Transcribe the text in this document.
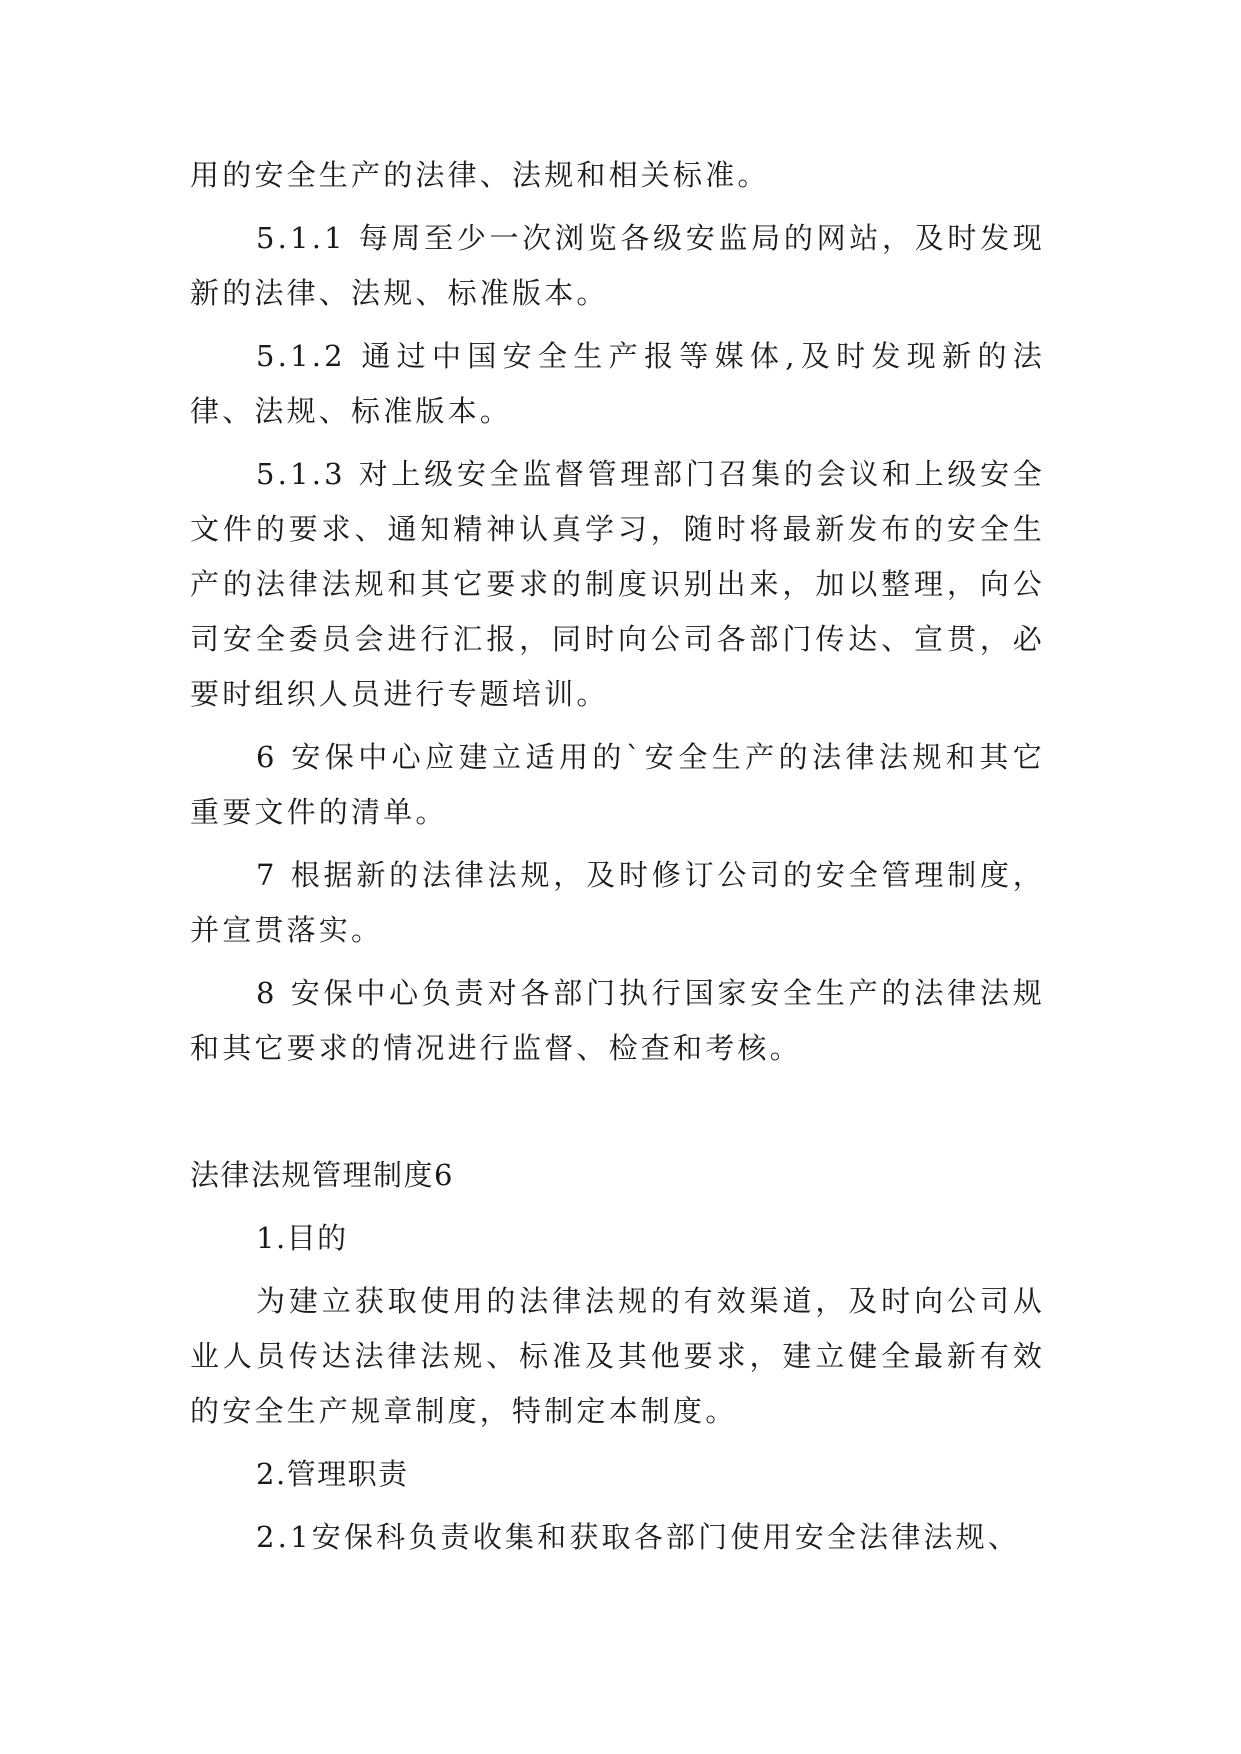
用的安全生产的法律、法规和相关标准。

5.1.1 每周至少一次浏览各级安监局的网站，及时发现新的法律、法规、标准版本。

5.1.2 通过中国安全生产报等媒体,及时发现新的法律、法规、标准版本。

5.1.3 对上级安全监督管理部门召集的会议和上级安全文件的要求、通知精神认真学习，随时将最新发布的安全生产的法律法规和其它要求的制度识别出来，加以整理，向公司安全委员会进行汇报，同时向公司各部门传达、宣贯，必要时组织人员进行专题培训。

6 安保中心应建立适用的`安全生产的法律法规和其它重要文件的清单。

7 根据新的法律法规，及时修订公司的安全管理制度，并宣贯落实。

8 安保中心负责对各部门执行国家安全生产的法律法规和其它要求的情况进行监督、检查和考核。

法律法规管理制度6

1.目的

为建立获取使用的法律法规的有效渠道，及时向公司从业人员传达法律法规、标准及其他要求，建立健全最新有效的安全生产规章制度，特制定本制度。

2.管理职责

2.1安保科负责收集和获取各部门使用安全法律法规、
